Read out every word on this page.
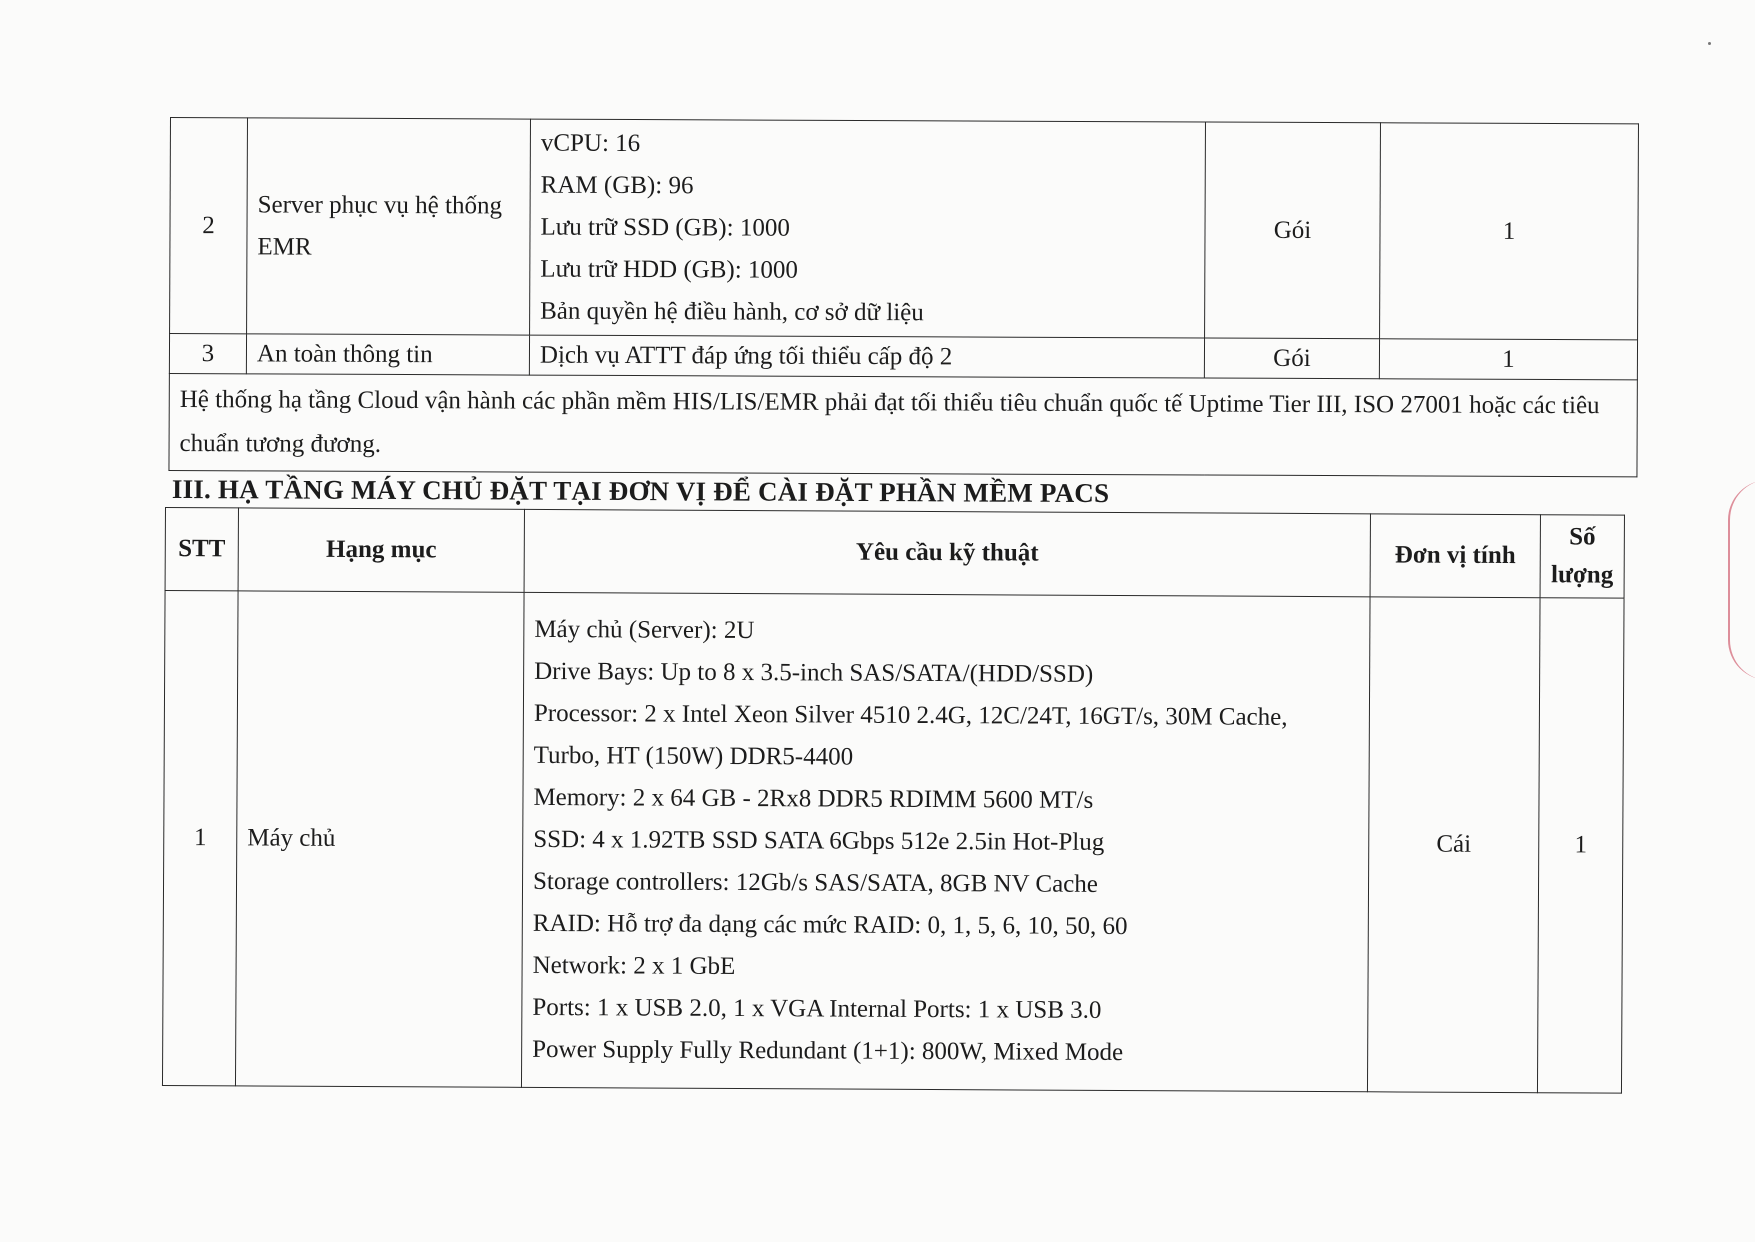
2	Server phục vụ hệ thống EMR	vCPU: 16
RAM (GB): 96
Lưu trữ SSD (GB): 1000
Lưu trữ HDD (GB): 1000
Bản quyền hệ điều hành, cơ sở dữ liệu	Gói	1
3	An toàn thông tin	Dịch vụ ATTT đáp ứng tối thiểu cấp độ 2	Gói	1
Hệ thống hạ tầng Cloud vận hành các phần mềm HIS/LIS/EMR phải đạt tối thiểu tiêu chuẩn quốc tế Uptime Tier III, ISO 27001 hoặc các tiêu chuẩn tương đương.				
III. HẠ TẦNG MÁY CHỦ ĐẶT TẠI ĐƠN VỊ ĐỂ CÀI ĐẶT PHẦN MỀM PACS
STT	Hạng mục	Yêu cầu kỹ thuật	Đơn vị tính	Số
lượng

1	Máy chủ	
Máy chủ (Server): 2U
Drive Bays: Up to 8 x 3.5-inch SAS/SATA/(HDD/SSD)
Processor: 2 x Intel Xeon Silver 4510 2.4G, 12C/24T, 16GT/s, 30M Cache, Turbo, HT (150W) DDR5-4400
Memory: 2 x 64 GB - 2Rx8 DDR5 RDIMM 5600 MT/s
SSD: 4 x 1.92TB SSD SATA 6Gbps 512e 2.5in Hot-Plug
Storage controllers: 12Gb/s SAS/SATA, 8GB NV Cache
RAID: Hỗ trợ đa dạng các mức RAID: 0, 1, 5, 6, 10, 50, 60
Network: 2 x 1 GbE
Ports: 1 x USB 2.0, 1 x VGA Internal Ports: 1 x USB 3.0
Power Supply Fully Redundant (1+1): 800W, Mixed Mode
	Cái	1
